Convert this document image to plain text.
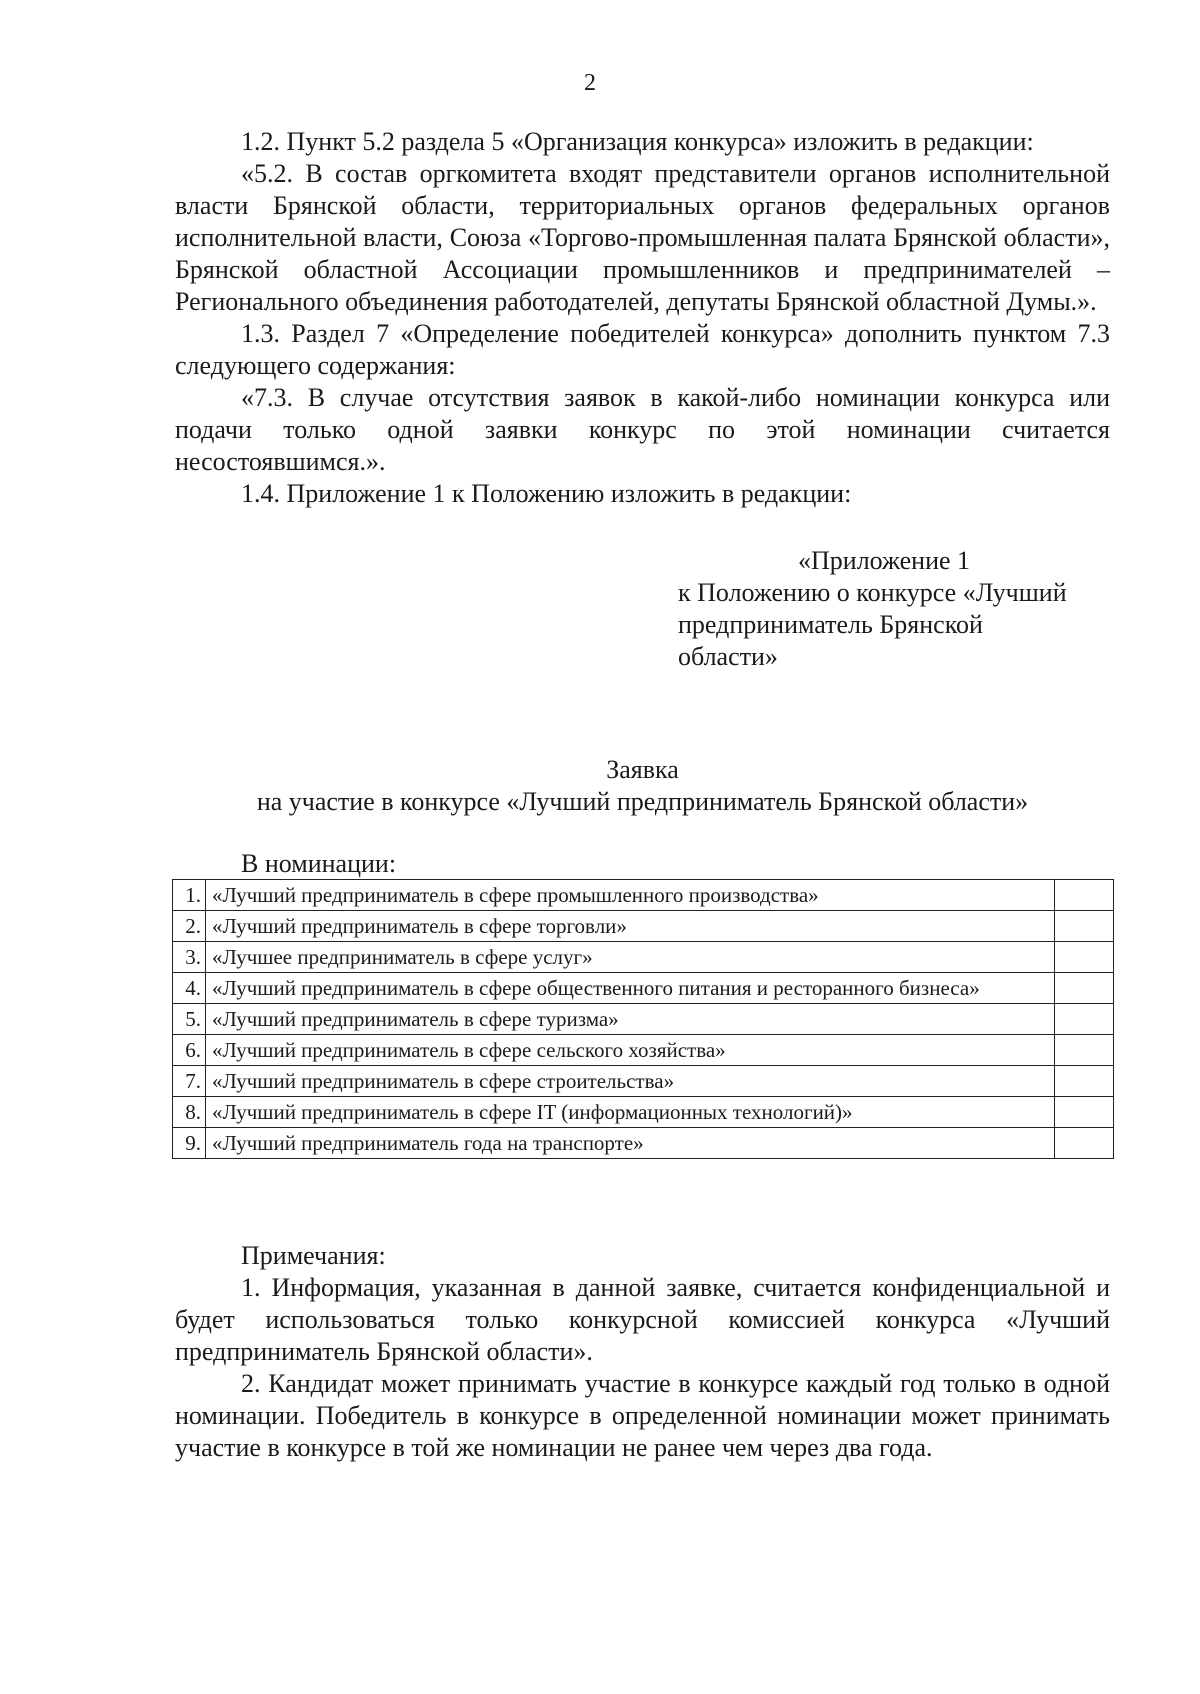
2

1.2. Пункт 5.2 раздела 5 «Организация конкурса» изложить в редакции:

«5.2. В состав оргкомитета входят представители органов исполнительной власти Брянской области, территориальных органов федеральных органов исполнительной власти, Союза «Торгово-промышленная палата Брянской области», Брянской областной Ассоциации промышленников и предпринимателей – Регионального объединения работодателей, депутаты Брянской областной Думы.».

1.3. Раздел 7 «Определение победителей конкурса» дополнить пунктом 7.3 следующего содержания:

«7.3. В случае отсутствия заявок в какой-либо номинации конкурса или подачи только одной заявки конкурс по этой номинации считается несостоявшимся.».

1.4. Приложение 1 к Положению изложить в редакции:

«Приложение 1
к Положению о конкурсе «Лучший
предприниматель Брянской
области»
Заявка
на участие в конкурсе «Лучший предприниматель Брянской области»
В номинации:
1.	«Лучший предприниматель в сфере промышленного производства»	
2.	«Лучший предприниматель в сфере торговли»	
3.	«Лучшее предприниматель в сфере услуг»	
4.	«Лучший предприниматель в сфере общественного питания и ресторанного бизнеса»	
5.	«Лучший предприниматель в сфере туризма»	
6.	«Лучший предприниматель в сфере сельского хозяйства»	
7.	«Лучший предприниматель в сфере строительства»	
8.	«Лучший предприниматель в сфере IT (информационных технологий)»	
9.	«Лучший предприниматель года на транспорте»	

Примечания:

1. Информация, указанная в данной заявке, считается конфиденциальной и будет использоваться только конкурсной комиссией конкурса «Лучший предприниматель Брянской области».

2. Кандидат может принимать участие в конкурсе каждый год только в одной номинации. Победитель в конкурсе в определенной номинации может принимать участие в конкурсе в той же номинации не ранее чем через два года.
